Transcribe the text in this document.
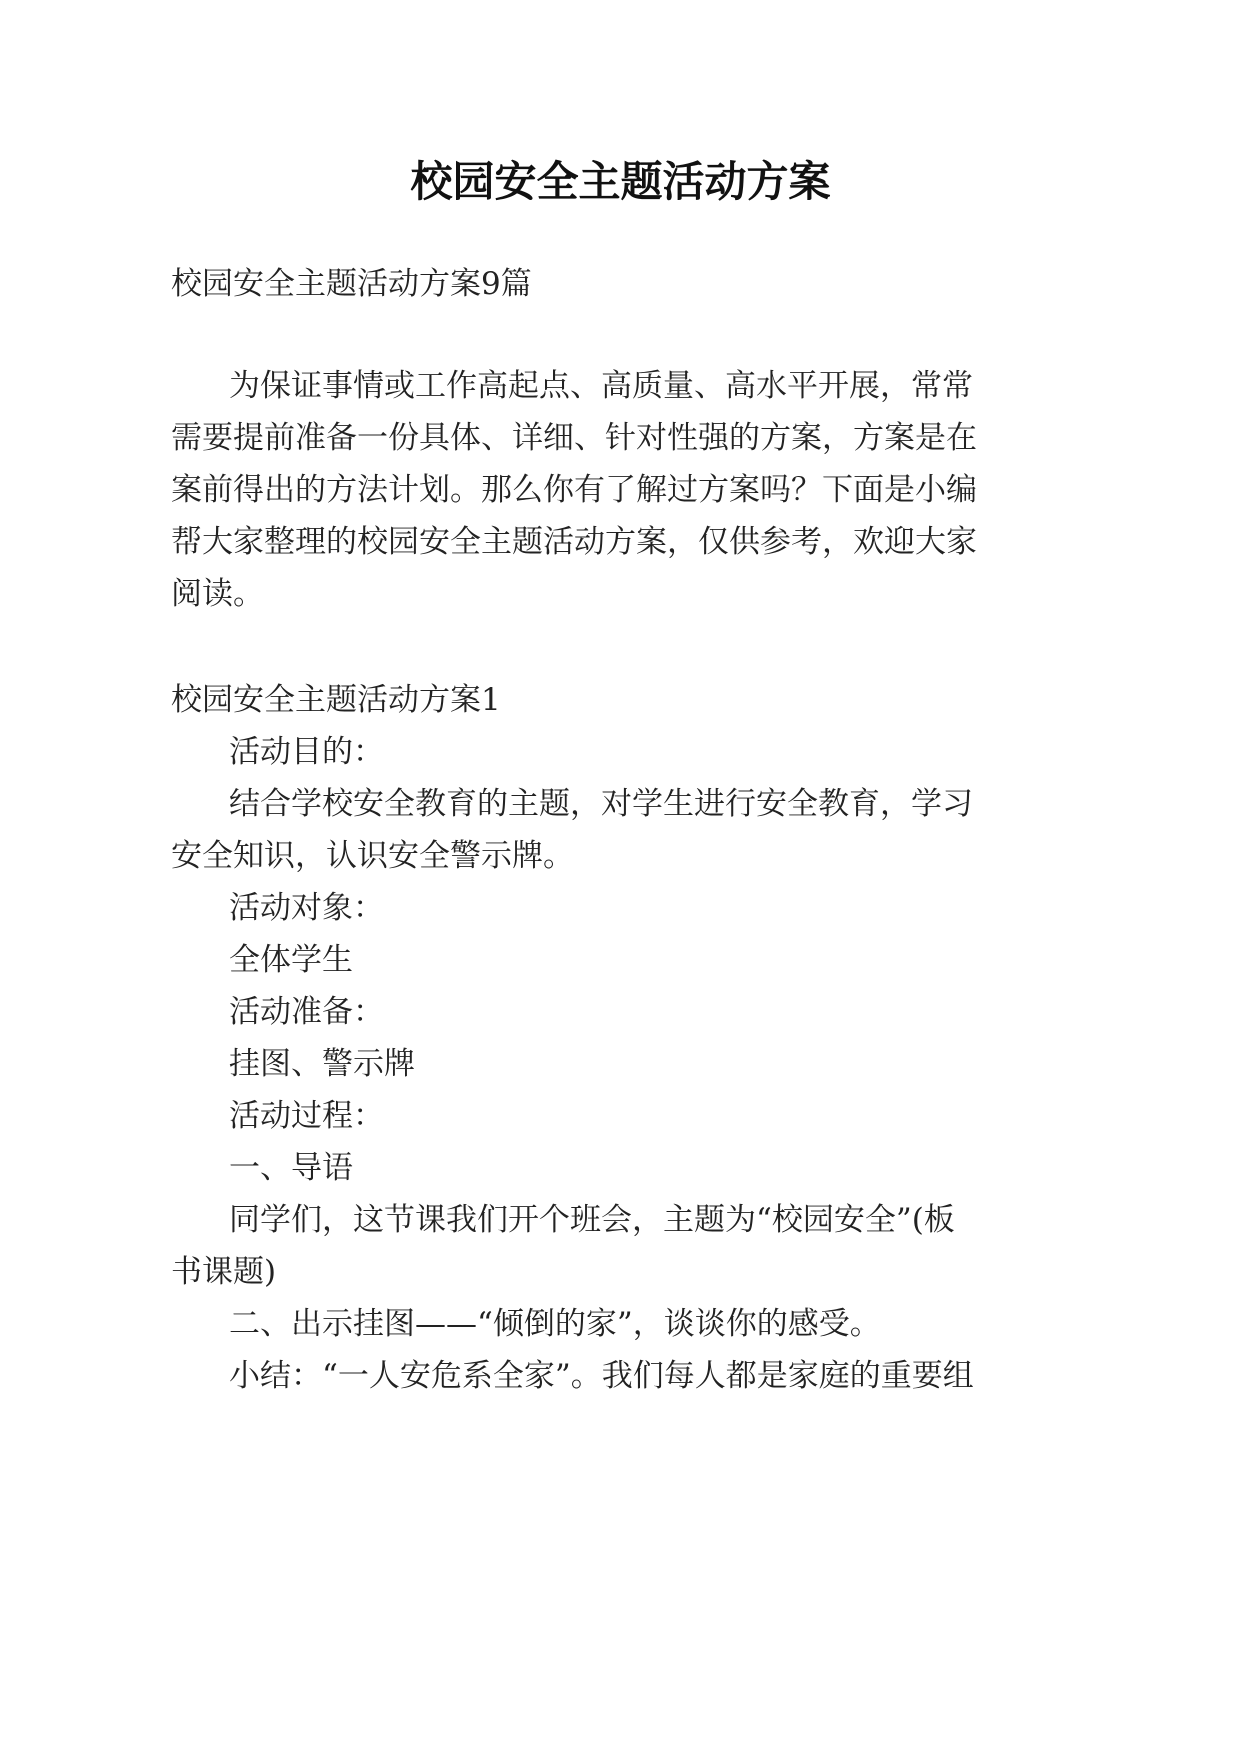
校园安全主题活动方案
校园安全主题活动方案9篇
为保证事情或工作高起点、高质量、高水平开展，常常
需要提前准备一份具体、详细、针对性强的方案，方案是在
案前得出的方法计划。那么你有了解过方案吗？下面是小编
帮大家整理的校园安全主题活动方案，仅供参考，欢迎大家
阅读。
校园安全主题活动方案1
活动目的：
结合学校安全教育的主题，对学生进行安全教育，学习
安全知识，认识安全警示牌。
活动对象：
全体学生
活动准备：
挂图、警示牌
活动过程：
一、导语
同学们，这节课我们开个班会，主题为“校园安全”(板
书课题)
二、出示挂图——“倾倒的家”，谈谈你的感受。
小结：“一人安危系全家”。我们每人都是家庭的重要组
